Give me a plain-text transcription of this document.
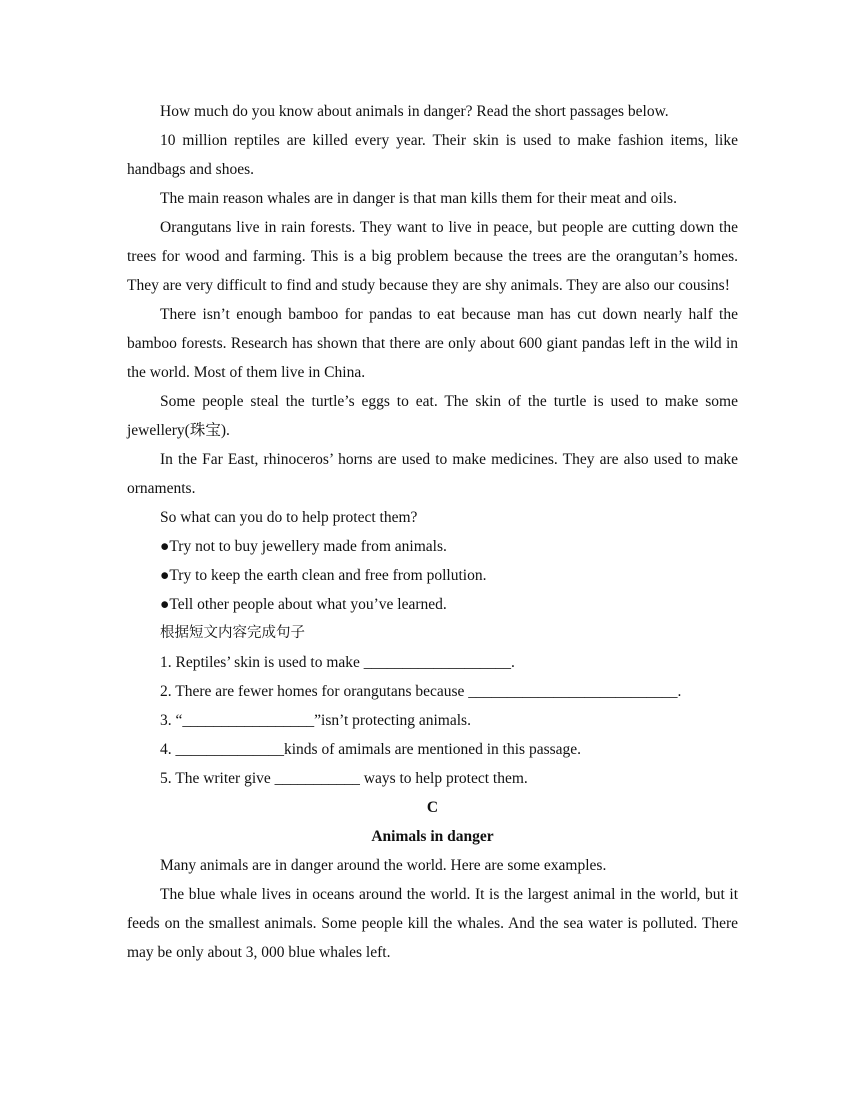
How much do you know about animals in danger? Read the short passages below.

10 million reptiles are killed every year. Their skin is used to make fashion items, like handbags and shoes.

The main reason whales are in danger is that man kills them for their meat and oils.

Orangutans live in rain forests. They want to live in peace, but people are cutting down the trees for wood and farming. This is a big problem because the trees are the orangutan’s homes. They are very difficult to find and study because they are shy animals. They are also our cousins!

There isn’t enough bamboo for pandas to eat because man has cut down nearly half the bamboo forests. Research has shown that there are only about 600 giant pandas left in the wild in the world. Most of them live in China.

Some people steal the turtle’s eggs to eat. The skin of the turtle is used to make some jewellery(珠宝).

In the Far East, rhinoceros’ horns are used to make medicines. They are also used to make ornaments.

So what can you do to help protect them?

●Try not to buy jewellery made from animals.

●Try to keep the earth clean and free from pollution.

●Tell other people about what you’ve learned.

根据短文内容完成句子

1. Reptiles’ skin is used to make ___________________.

2. There are fewer homes for orangutans because ___________________________.

3. “_________________”isn’t protecting animals.

4. ______________kinds of amimals are mentioned in this passage.

5. The writer give ___________ ways to help protect them.

C

Animals in danger

Many animals are in danger around the world. Here are some examples.

The blue whale lives in oceans around the world. It is the largest animal in the world, but it feeds on the smallest animals. Some people kill the whales. And the sea water is polluted. There may be only about 3, 000 blue whales left.
